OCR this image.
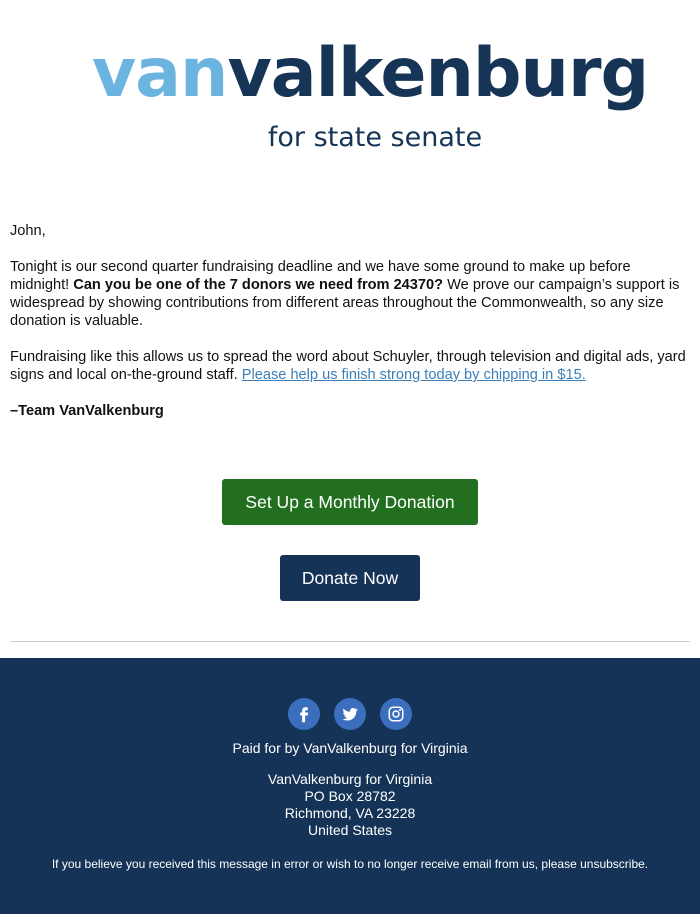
vanvalkenburg
for state senate

John,

Tonight is our second quarter fundraising deadline and we have some ground to make up before midnight! Can you be one of the 7 donors we need from 24370? We prove our campaign’s support is widespread by showing contributions from different areas throughout the Commonwealth, so any size donation is valuable.

Fundraising like this allows us to spread the word about Schuyler, through television and digital ads, yard signs and local on-the-ground staff. Please help us finish strong today by chipping in $15.

–Team VanValkenburg

Set Up a Monthly Donation
Donate Now
Paid for by VanValkenburg for Virginia
VanValkenburg for Virginia
PO Box 28782
Richmond, VA 23228
United States
If you believe you received this message in error or wish to no longer receive email from us, please unsubscribe.
